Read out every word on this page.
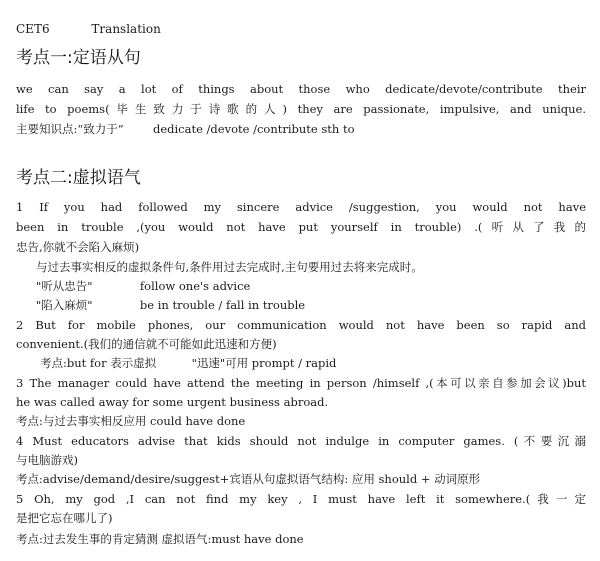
CET6	Translation
考点一:定语从句
we can say a lot of things about those who dedicate/devote/contribute their
life to poems(毕生致力于诗歌的人) they are passionate, impulsive, and unique.
主要知识点:“致力于”	dedicate /devote /contribute sth to
考点二:虚拟语气
1 If you had followed my sincere advice /suggestion, you would not have
been in trouble ,(you would not have put yourself in trouble) .(听从了我的
忠告,你就不会陷入麻烦)
与过去事实相反的虚拟条件句,条件用过去完成时,主句要用过去将来完成时。
"听从忠告"	follow one's advice
"陷入麻烦"	be in trouble / fall in trouble
2 But for mobile phones, our communication would not have been so rapid and
convenient.(我们的通信就不可能如此迅速和方便)
考点:but for 表示虚拟	"迅速"可用 prompt / rapid
3 The manager could have attend the meeting in person /himself ,(本可以亲自参加会议)but
he was called away for some urgent business abroad.
考点:与过去事实相反应用 could have done
4 Must educators advise that kids should not indulge in computer games. (不要沉溺
与电脑游戏)
考点:advise/demand/desire/suggest+宾语从句虚拟语气结构: 应用 should + 动词原形
5 Oh, my god ,I can not find my key , I must have left it somewhere.(我一定
是把它忘在哪儿了)
考点:过去发生事的肯定猜测 虚拟语气:must have done
